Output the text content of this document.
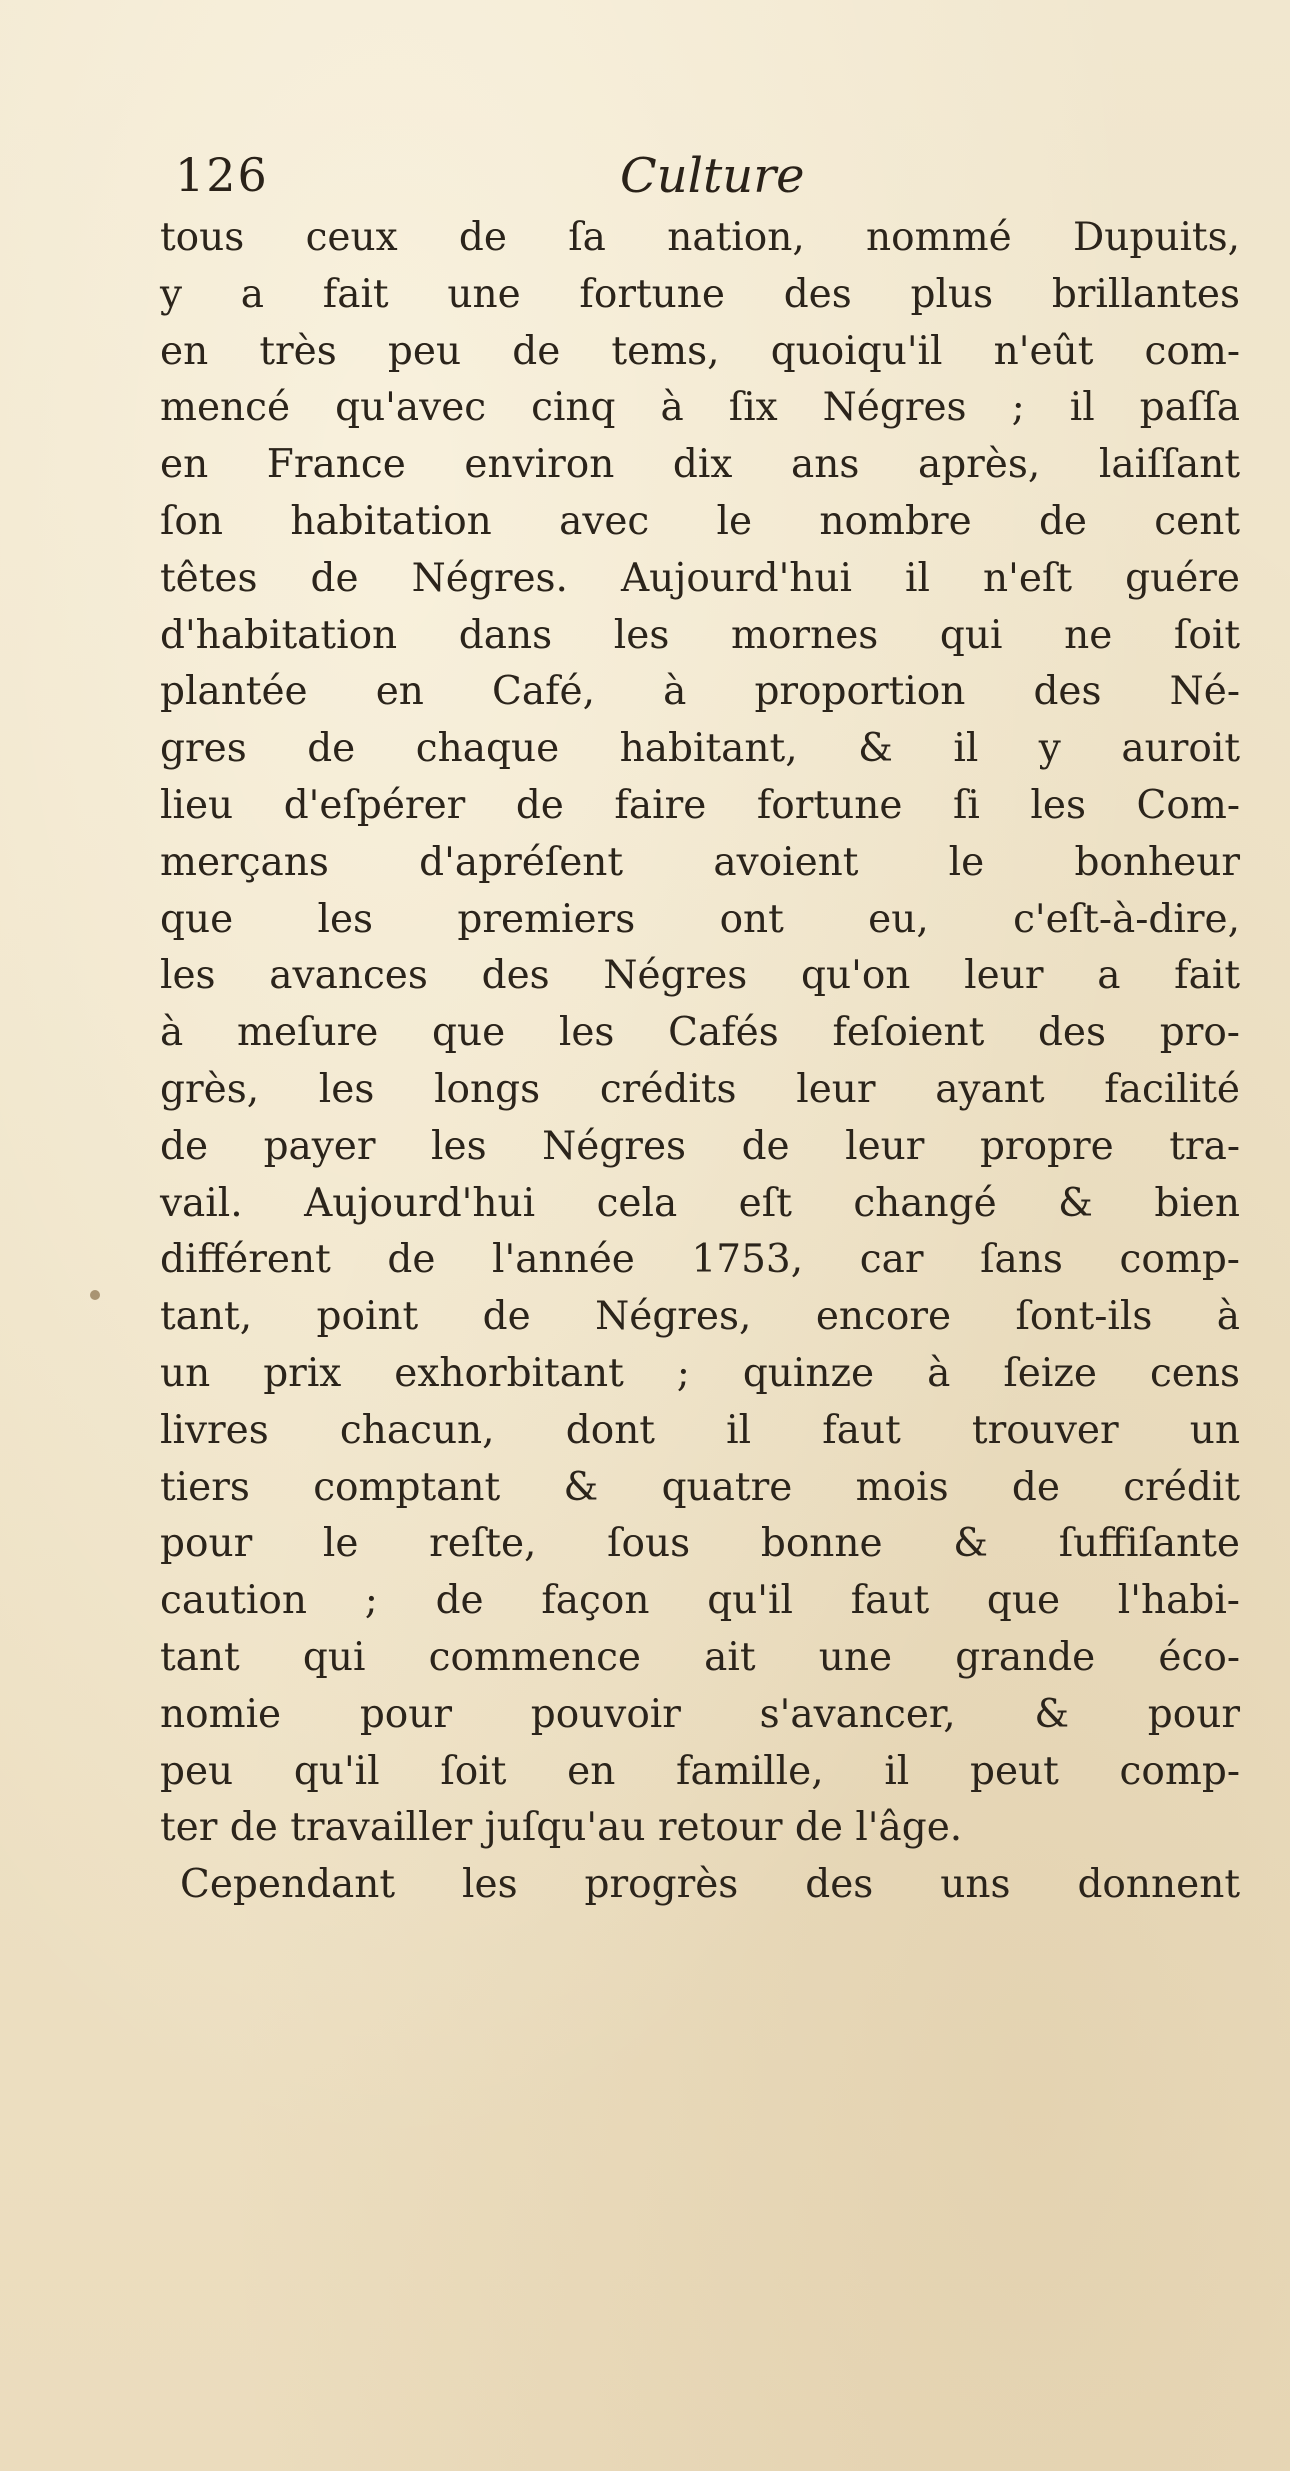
126	Culture
tous ceux de ſa nation, nommé Dupuits,
y a fait une fortune des plus brillantes
en très peu de tems, quoiqu'il n'eût com-
mencé qu'avec cinq à ſix Négres ; il paſſa
en France environ dix ans après, laiſſant
ſon habitation avec le nombre de cent
têtes de Négres. Aujourd'hui il n'eſt guére
d'habitation dans les mornes qui ne ſoit
plantée en Café, à proportion des Né-
gres de chaque habitant, & il y auroit
lieu d'eſpérer de faire fortune ſi les Com-
merçans d'apréſent avoient le bonheur
que les premiers ont eu, c'eſt-à-dire,
les avances des Négres qu'on leur a fait
à meſure que les Cafés feſoient des pro-
grès, les longs crédits leur ayant facilité
de payer les Négres de leur propre tra-
vail. Aujourd'hui cela eſt changé & bien
différent de l'année 1753, car ſans comp-
tant, point de Négres, encore ſont-ils à
un prix exhorbitant ; quinze à ſeize cens
livres chacun, dont il faut trouver un
tiers comptant & quatre mois de crédit
pour le reſte, ſous bonne & ſuffiſante
caution ; de façon qu'il faut que l'habi-
tant qui commence ait une grande éco-
nomie pour pouvoir s'avancer, & pour
peu qu'il ſoit en famille, il peut comp-
ter de travailler juſqu'au retour de l'âge.
Cependant les progrès des uns donnent
